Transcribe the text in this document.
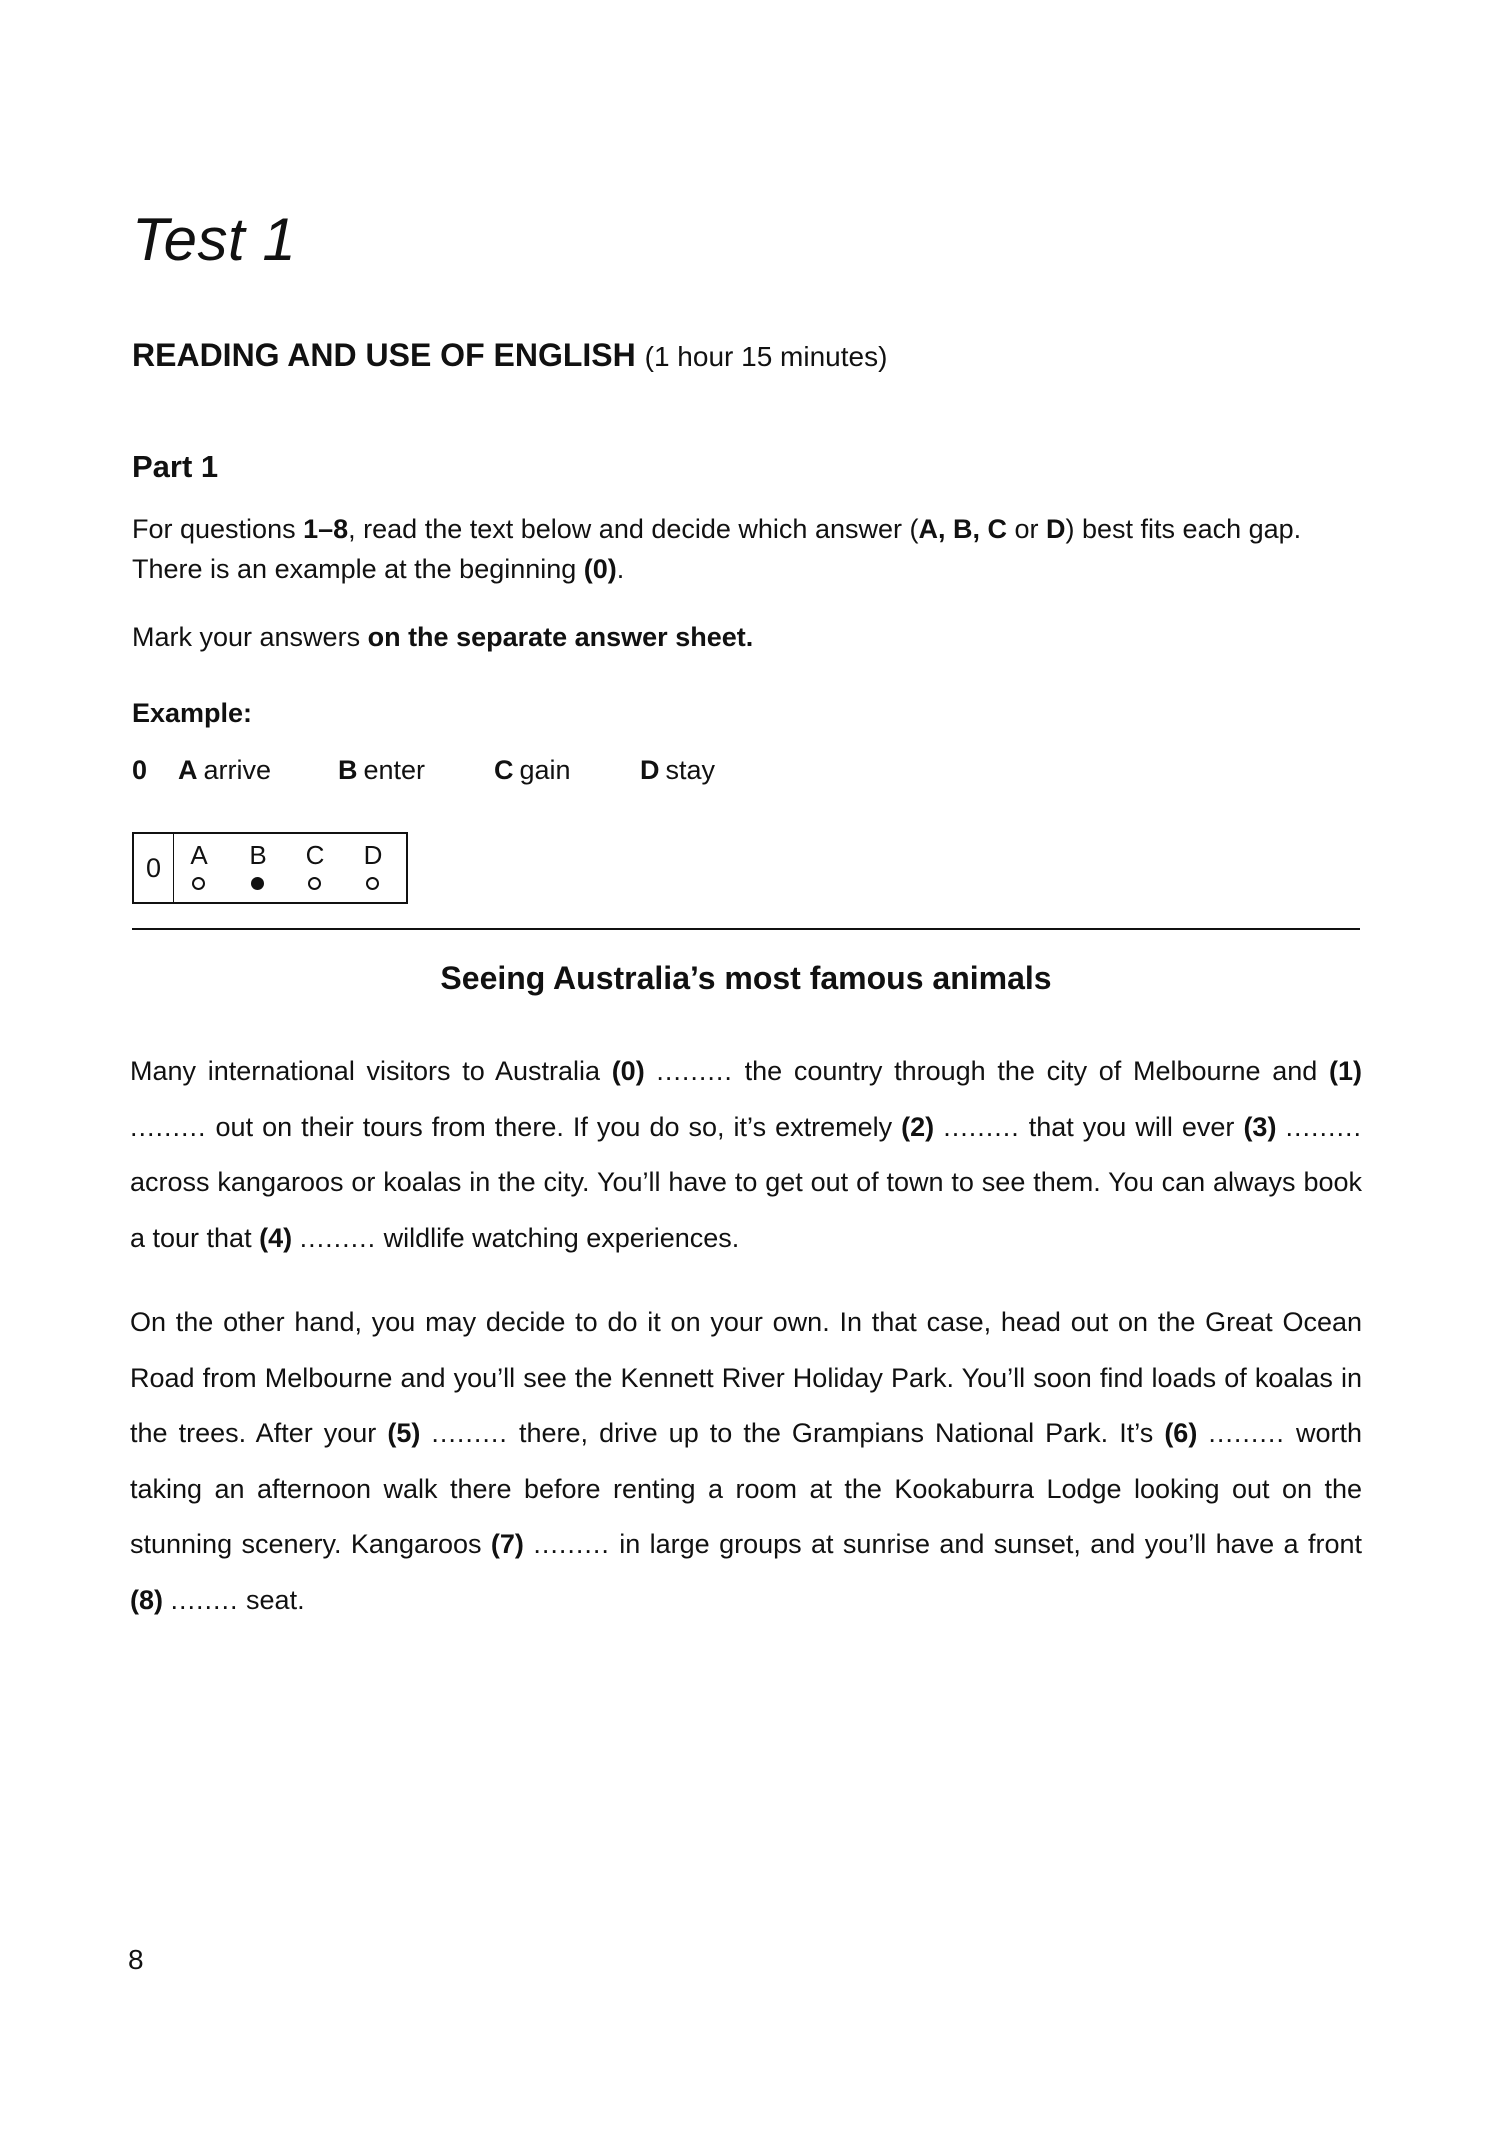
Test 1
READING AND USE OF ENGLISH (1 hour 15 minutes)
Part 1
For questions 1–8, read the text below and decide which answer (A, B, C or D) best fits each gap.
There is an example at the beginning (0).
Mark your answers on the separate answer sheet.
Example:
0 A arrive B enter	C gain	D stay
0	A B C D
Seeing Australia’s most famous animals
Many international visitors to Australia (0) ......... the country through the city of Melbourne and (1) ......... out on their tours from there. If you do so, it’s extremely (2) ......... that you will ever (3) ......... across kangaroos or koalas in the city. You’ll have to get out of town to see them. You can always book a tour that (4) ......... wildlife watching experiences.
On the other hand, you may decide to do it on your own. In that case, head out on the Great Ocean Road from Melbourne and you’ll see the Kennett River Holiday Park. You’ll soon find loads of koalas in the trees. After your (5) ......... there, drive up to the Grampians National Park. It’s (6) ......... worth taking an afternoon walk there before renting a room at the Kookaburra Lodge looking out on the stunning scenery. Kangaroos (7) ......... in large groups at sunrise and sunset, and you’ll have a front (8) ........ seat.
8
